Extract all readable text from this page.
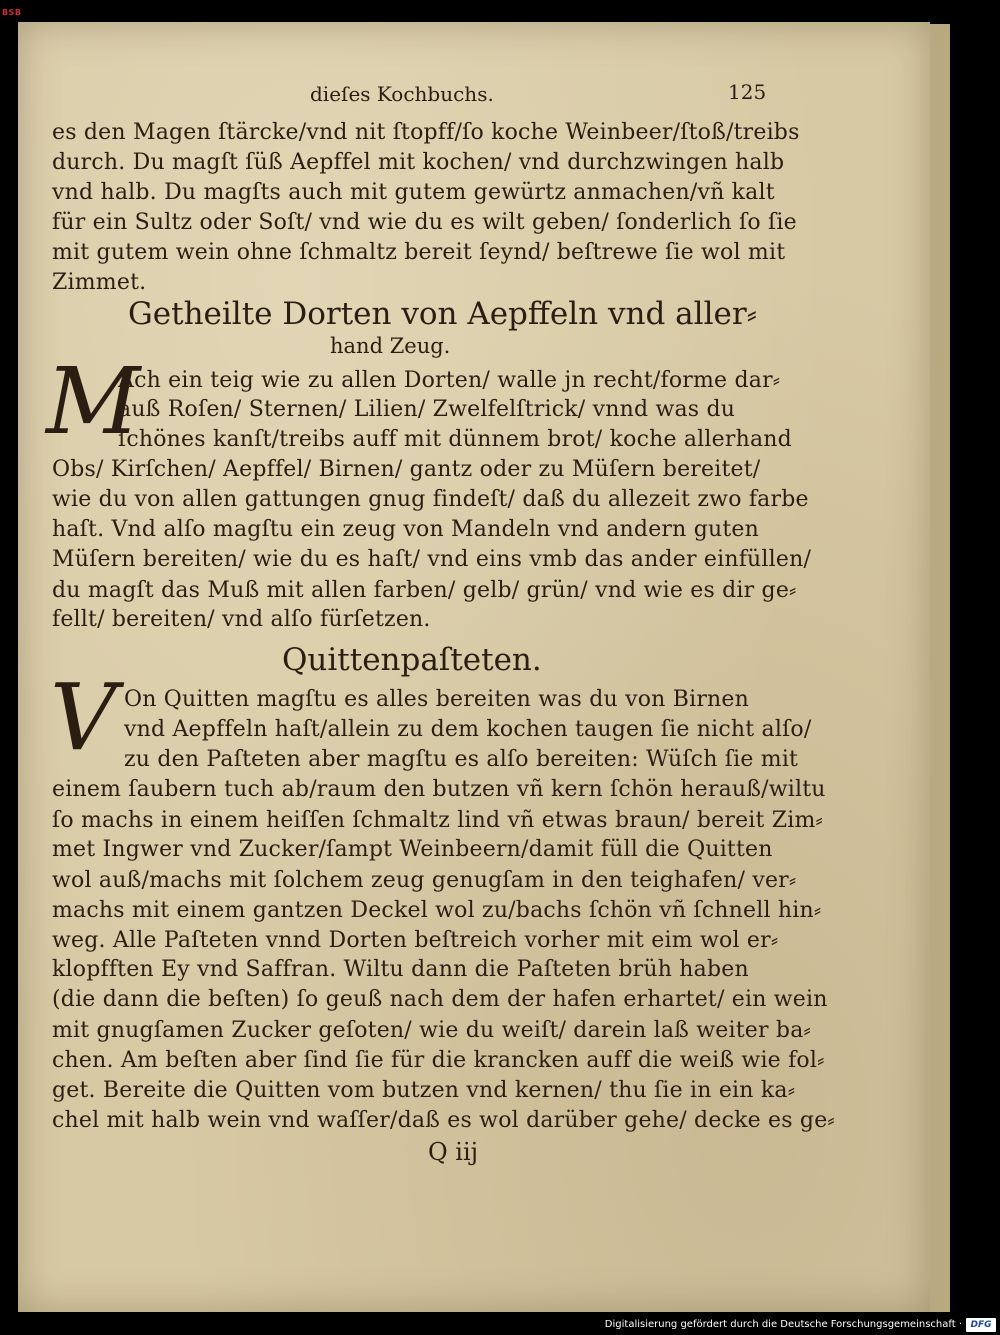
BSB
dieſes Kochbuchs.	125
es den Magen ſtärcke/vnd nit ſtopff/ſo koche Weinbeer/ſtoß/treibs
durch. Du magſt ſüß Aepffel mit kochen/ vnd durchzwingen halb
vnd halb. Du magſts auch mit gutem gewürtz anmachen/vñ kalt
für ein Sultz oder Soſt/ vnd wie du es wilt geben/ ſonderlich ſo ſie
mit gutem wein ohne ſchmaltz bereit ſeynd/ beſtrewe ſie wol mit
Zimmet.
Getheilte Dorten von Aepffeln vnd aller⸗
hand Zeug.
M
Ach ein teig wie zu allen Dorten/ walle jn recht/forme dar⸗
auß Roſen/ Sternen/ Lilien/ Zwelfelſtrick/ vnnd was du
ſchönes kanſt/treibs auff mit dünnem brot/ koche allerhand
Obs/ Kirſchen/ Aepffel/ Birnen/ gantz oder zu Müſern bereitet/
wie du von allen gattungen gnug findeſt/ daß du allezeit zwo farbe
haſt. Vnd alſo magſtu ein zeug von Mandeln vnd andern guten
Müſern bereiten/ wie du es haſt/ vnd eins vmb das ander einfüllen/
du magſt das Muß mit allen farben/ gelb/ grün/ vnd wie es dir ge⸗
fellt/ bereiten/ vnd alſo fürſetzen.
Quittenpaſteten.
V On Quitten magſtu es alles bereiten was du von Birnen
vnd Aepffeln haſt/allein zu dem kochen taugen ſie nicht alſo/
zu den Paſteten aber magſtu es alſo bereiten: Wüſch ſie mit
einem ſaubern tuch ab/raum den butzen vñ kern ſchön herauß/wiltu
ſo machs in einem heiſſen ſchmaltz lind vñ etwas braun/ bereit Zim⸗
met Ingwer vnd Zucker/ſampt Weinbeern/damit füll die Quitten
wol auß/machs mit ſolchem zeug genugſam in den teighafen/ ver⸗
machs mit einem gantzen Deckel wol zu/bachs ſchön vñ ſchnell hin⸗
weg. Alle Paſteten vnnd Dorten beſtreich vorher mit eim wol er⸗
klopfften Ey vnd Saffran. Wiltu dann die Paſteten brüh haben
(die dann die beſten) ſo geuß nach dem der hafen erhartet/ ein wein
mit gnugſamen Zucker geſoten/ wie du weiſt/ darein laß weiter ba⸗
chen. Am beſten aber ſind ſie für die krancken auff die weiß wie fol⸗
get. Bereite die Quitten vom butzen vnd kernen/ thu ſie in ein ka⸗
chel mit halb wein vnd waſſer/daß es wol darüber gehe/ decke es ge⸗
Q iij
Digitalisierung gefördert durch die Deutsche Forschungsgemeinschaft · DFG
